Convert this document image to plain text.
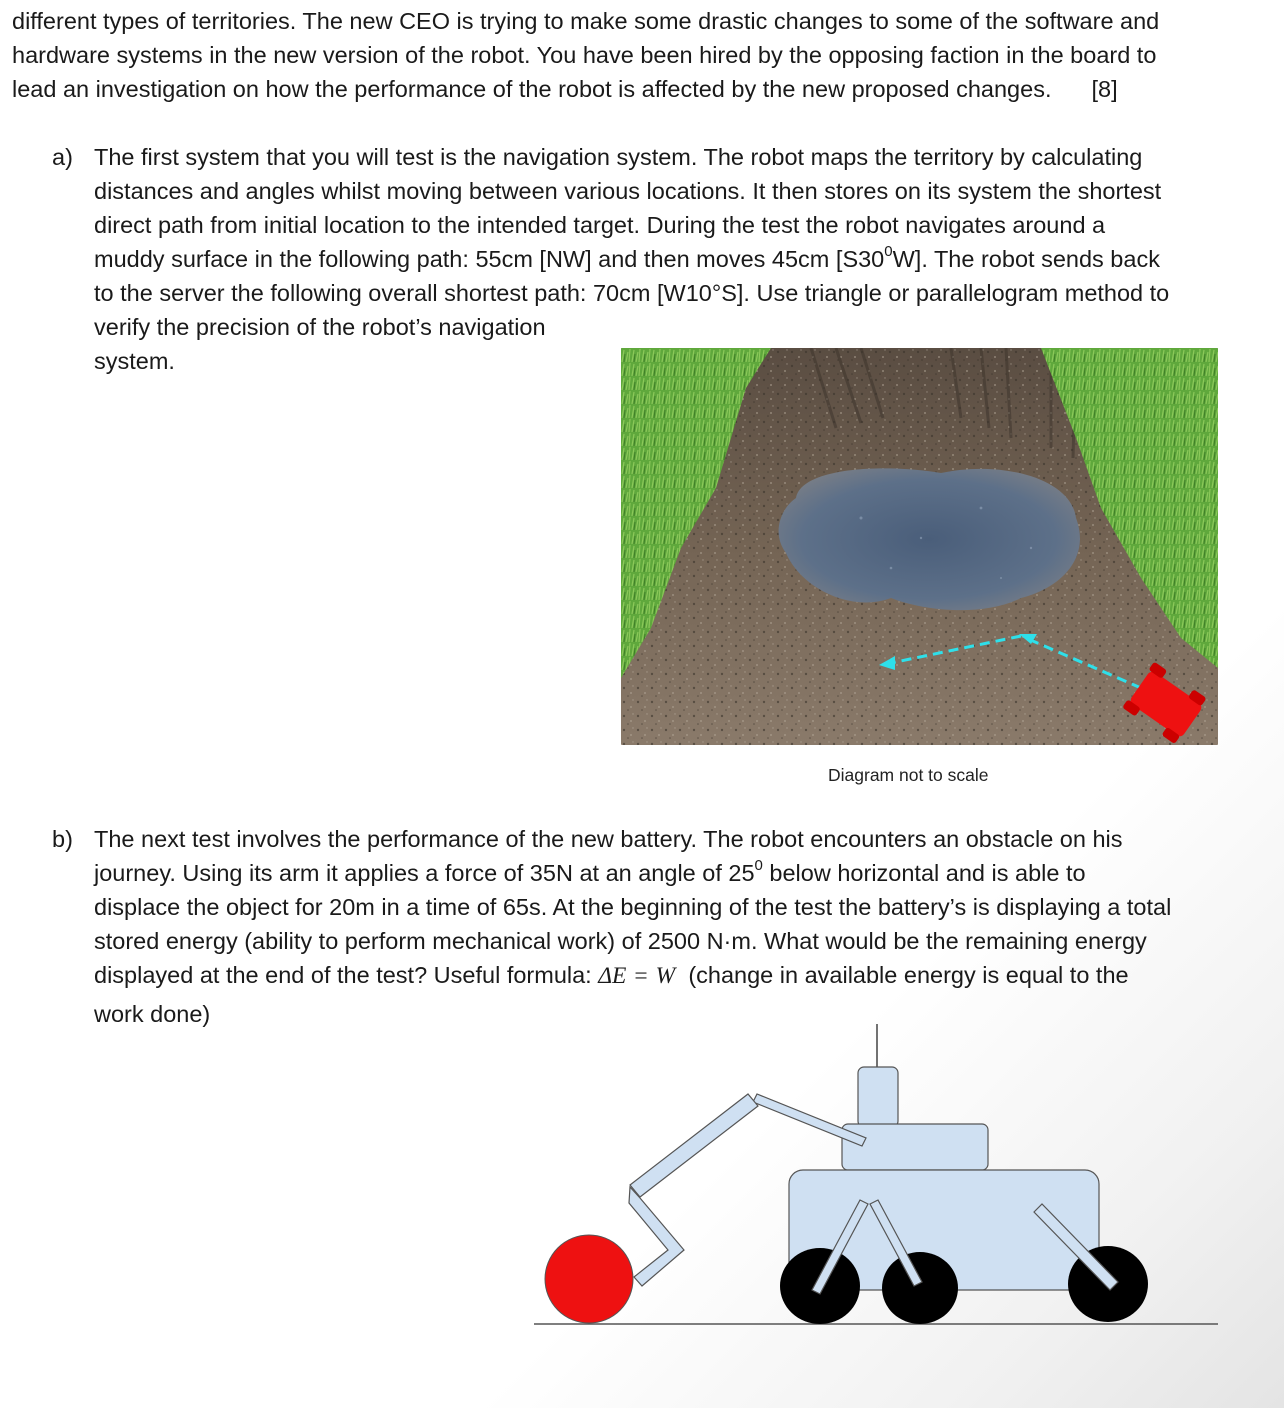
different types of territories. The new CEO is trying to make some drastic changes to some of the software and
hardware systems in the new version of the robot. You have been hired by the opposing faction in the board to
lead an investigation on how the performance of the robot is affected by the new proposed changes. [8]
a) The first system that you will test is the navigation system. The robot maps the territory by calculating
distances and angles whilst moving between various locations. It then stores on its system the shortest
direct path from initial location to the intended target. During the test the robot navigates around a
muddy surface in the following path: 55cm [NW] and then moves 45cm $[S30^0W]$. The robot sends back
to the server the following overall shortest path: 70cm [W10°S]. Use triangle or parallelogram method to
verify the precision of the robot’s navigation
system.
Diagram not to scale
b) The next test involves the performance of the new battery. The robot encounters an obstacle on his
journey. Using its arm it applies a force of 35N at an angle of $25^0$ below horizontal and is able to
displace the object for 20m in a time of 65s. At the beginning of the test the battery’s is displaying a total
stored energy (ability to perform mechanical work) of 2500 N·m. What would be the remaining energy
displayed at the end of the test? Useful formula: ΔE = W (change in available energy is equal to the
work done)
